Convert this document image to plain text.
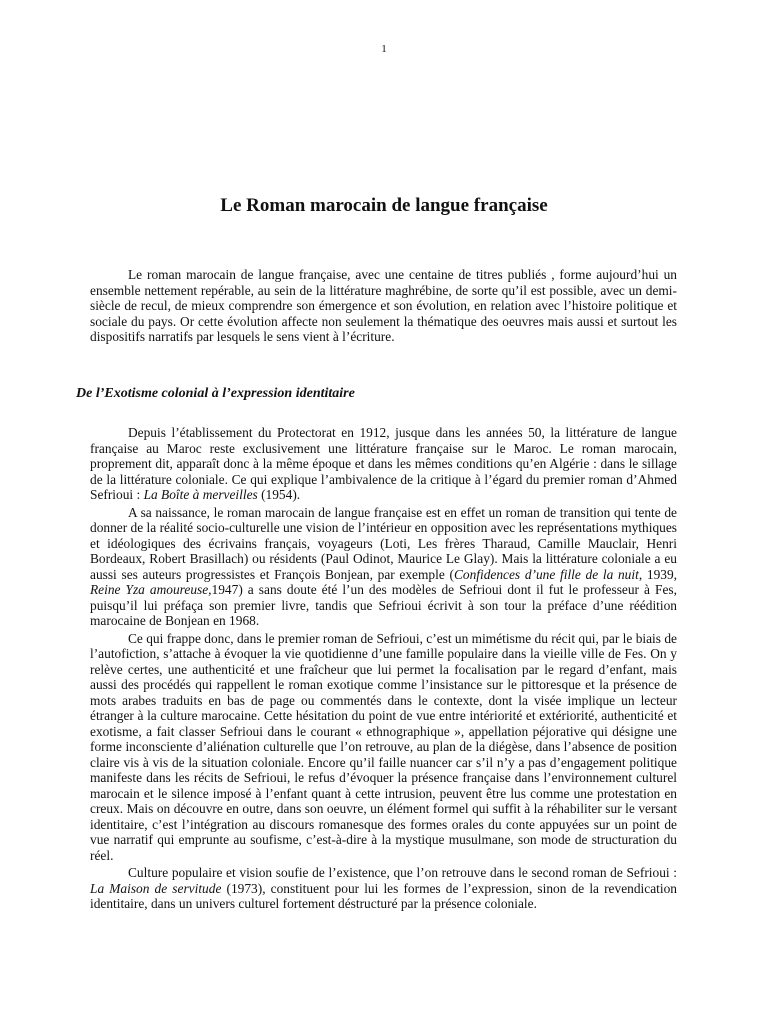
1
Le Roman marocain de langue française

Le roman marocain de langue française, avec une centaine de titres publiés , forme aujourd’hui un ensemble nettement repérable, au sein de la littérature maghrébine, de sorte qu’il est possible, avec un demi-siècle de recul, de mieux comprendre son émergence et son évolution, en relation avec l’histoire politique et sociale du pays. Or cette évolution affecte non seulement la thématique des oeuvres mais aussi et surtout les dispositifs narratifs par lesquels le sens vient à l’écriture.

De l’Exotisme colonial à l’expression identitaire

Depuis l’établissement du Protectorat en 1912, jusque dans les années 50, la littérature de langue française au Maroc reste exclusivement une littérature française sur le Maroc. Le roman marocain, proprement dit, apparaît donc à la même époque et dans les mêmes conditions qu’en Algérie : dans le sillage de la littérature coloniale. Ce qui explique l’ambivalence de la critique à l’égard du premier roman d’Ahmed Sefrioui : La Boîte à merveilles (1954).

A sa naissance, le roman marocain de langue française est en effet un roman de transition qui tente de donner de la réalité socio-culturelle une vision de l’intérieur en opposition avec les représentations mythiques et idéologiques des écrivains français, voyageurs (Loti, Les frères Tharaud, Camille Mauclair, Henri Bordeaux, Robert Brasillach) ou résidents (Paul Odinot, Maurice Le Glay). Mais la littérature coloniale a eu aussi ses auteurs progressistes et François Bonjean, par exemple (Confidences d’une fille de la nuit, 1939, Reine Yza amoureuse,1947) a sans doute été l’un des modèles de Sefrioui dont il fut le professeur à Fes, puisqu’il lui préfaça son premier livre, tandis que Sefrioui écrivit à son tour la préface d’une réédition marocaine de Bonjean en 1968.

Ce qui frappe donc, dans le premier roman de Sefrioui, c’est un mimétisme du récit qui, par le biais de l’autofiction, s’attache à évoquer la vie quotidienne d’une famille populaire dans la vieille ville de Fes. On y relève certes, une authenticité et une fraîcheur que lui permet la focalisation par le regard d’enfant, mais aussi des procédés qui rappellent le roman exotique comme l’insistance sur le pittoresque et la présence de mots arabes traduits en bas de page ou commentés dans le contexte, dont la visée implique un lecteur étranger à la culture marocaine. Cette hésitation du point de vue entre intériorité et extériorité, authenticité et exotisme, a fait classer Sefrioui dans le courant « ethnographique », appellation péjorative qui désigne une forme inconsciente d’aliénation culturelle que l’on retrouve, au plan de la diégèse, dans l’absence de position claire vis à vis de la situation coloniale. Encore qu’il faille nuancer car s’il n’y a pas d’engagement politique manifeste dans les récits de Sefrioui, le refus d’évoquer la présence française dans l’environnement culturel marocain et le silence imposé à l’enfant quant à cette intrusion, peuvent être lus comme une protestation en creux. Mais on découvre en outre, dans son oeuvre, un élément formel qui suffit à la réhabiliter sur le versant identitaire, c’est l’intégration au discours romanesque des formes orales du conte appuyées sur un point de vue narratif qui emprunte au soufisme, c’est-à-dire à la mystique musulmane, son mode de structuration du réel.

Culture populaire et vision soufie de l’existence, que l’on retrouve dans le second roman de Sefrioui : La Maison de servitude (1973), constituent pour lui les formes de l’expression, sinon de la revendication identitaire, dans un univers culturel fortement déstructuré par la présence coloniale.
